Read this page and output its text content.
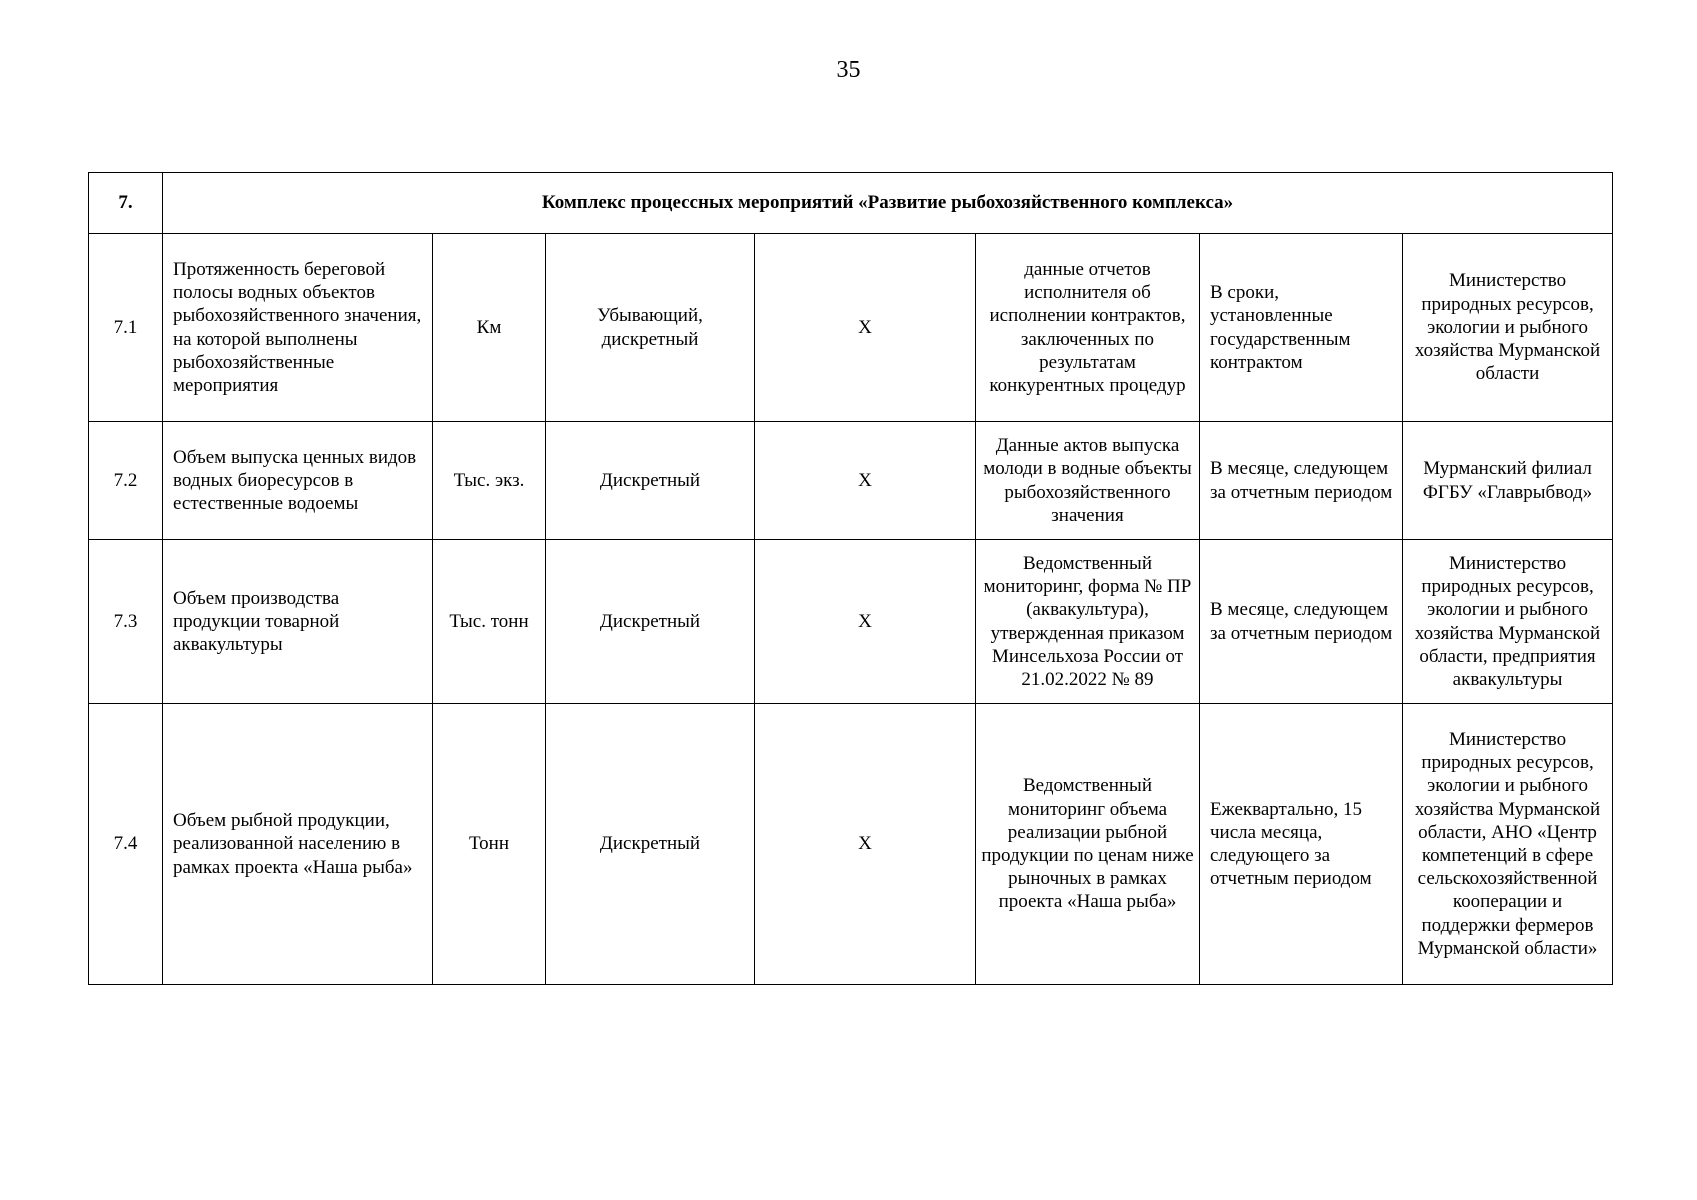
35
7.	Комплекс процессных мероприятий «Развитие рыбохозяйственного комплекса»						
7.1	Протяженность береговой полосы водных объектов рыбохозяйственного значения, на которой выполнены рыбохозяйственные мероприятия	Км	Убывающий, дискретный	Х	данные отчетов исполнителя об исполнении контрактов, заключенных по результатам конкурентных процедур	В сроки, установленные государственным контрактом	Министерство природных ресурсов, экологии и рыбного хозяйства Мурманской области
7.2	Объем выпуска ценных видов водных биоресурсов в естественные водоемы	Тыс. экз.	Дискретный	Х	Данные актов выпуска молоди в водные объекты рыбохозяйственного значения	В месяце, следующем за отчетным периодом	Мурманский филиал ФГБУ «Главрыбвод»
7.3	Объем производства продукции товарной аквакультуры	Тыс. тонн	Дискретный	Х	Ведомственный мониторинг, форма № ПР (аквакультура), утвержденная приказом Минсельхоза России от 21.02.2022 № 89	В месяце, следующем за отчетным периодом	Министерство природных ресурсов, экологии и рыбного хозяйства Мурманской области, предприятия аквакультуры
7.4	Объем рыбной продукции, реализованной населению в рамках проекта «Наша рыба»	Тонн	Дискретный	Х	Ведомственный мониторинг объема реализации рыбной продукции по ценам ниже рыночных в рамках проекта «Наша рыба»	Ежеквартально, 15 числа месяца, следующего за отчетным периодом	Министерство природных ресурсов, экологии и рыбного хозяйства Мурманской области, АНО «Центр компетенций в сфере сельскохозяйственной кооперации и поддержки фермеров Мурманской области»
